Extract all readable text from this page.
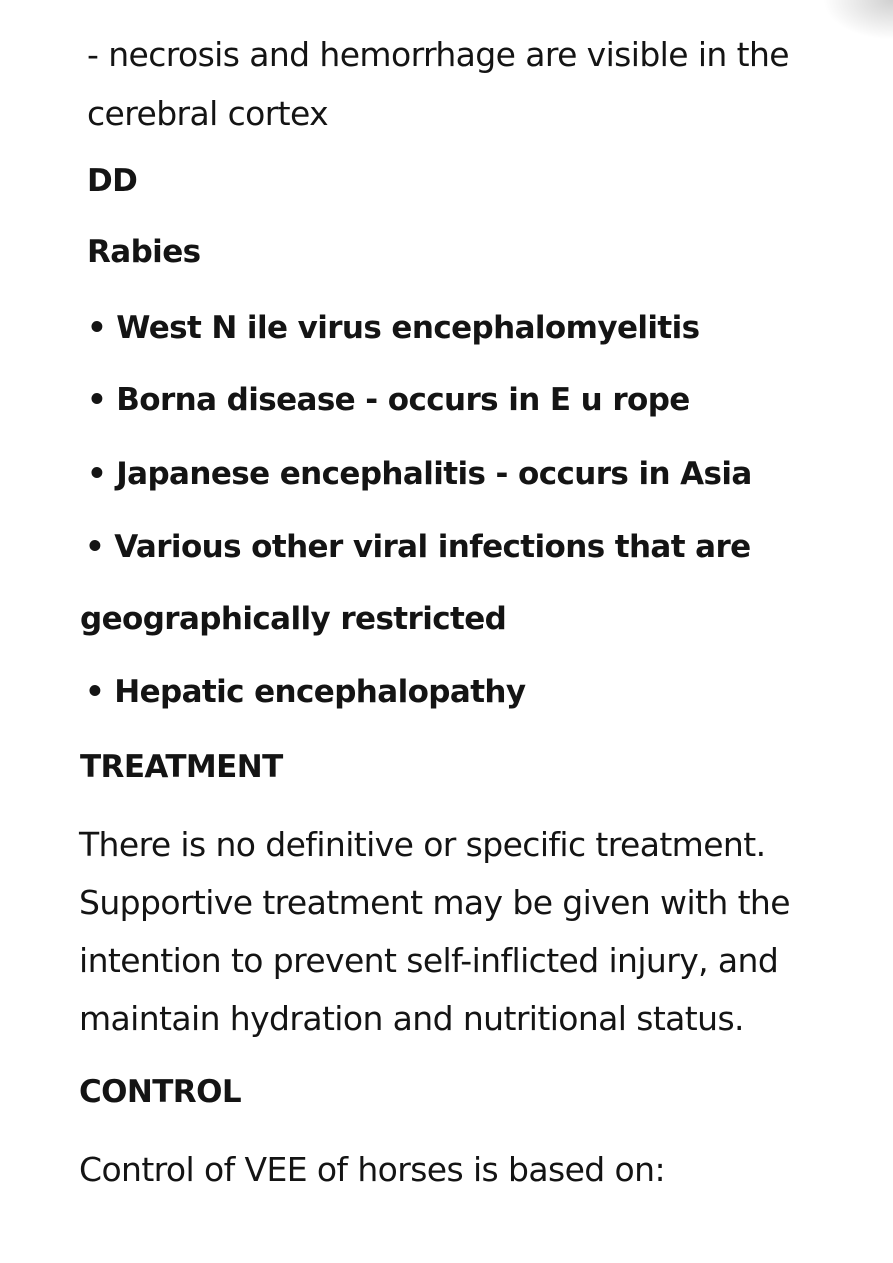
- necrosis and hemorrhage are visible in the

cerebral cortex

DD

Rabies

• West N ile virus encephalomyelitis

• Borna disease - occurs in E u rope

• Japanese encephalitis - occurs in Asia

• Various other viral infections that are

geographically restricted

• Hepatic encephalopathy

TREATMENT

There is no definitive or specific treatment.

Supportive treatment may be given with the

intention to prevent self-inflicted injury, and

maintain hydration and nutritional status.

CONTROL

Control of VEE of horses is based on:
